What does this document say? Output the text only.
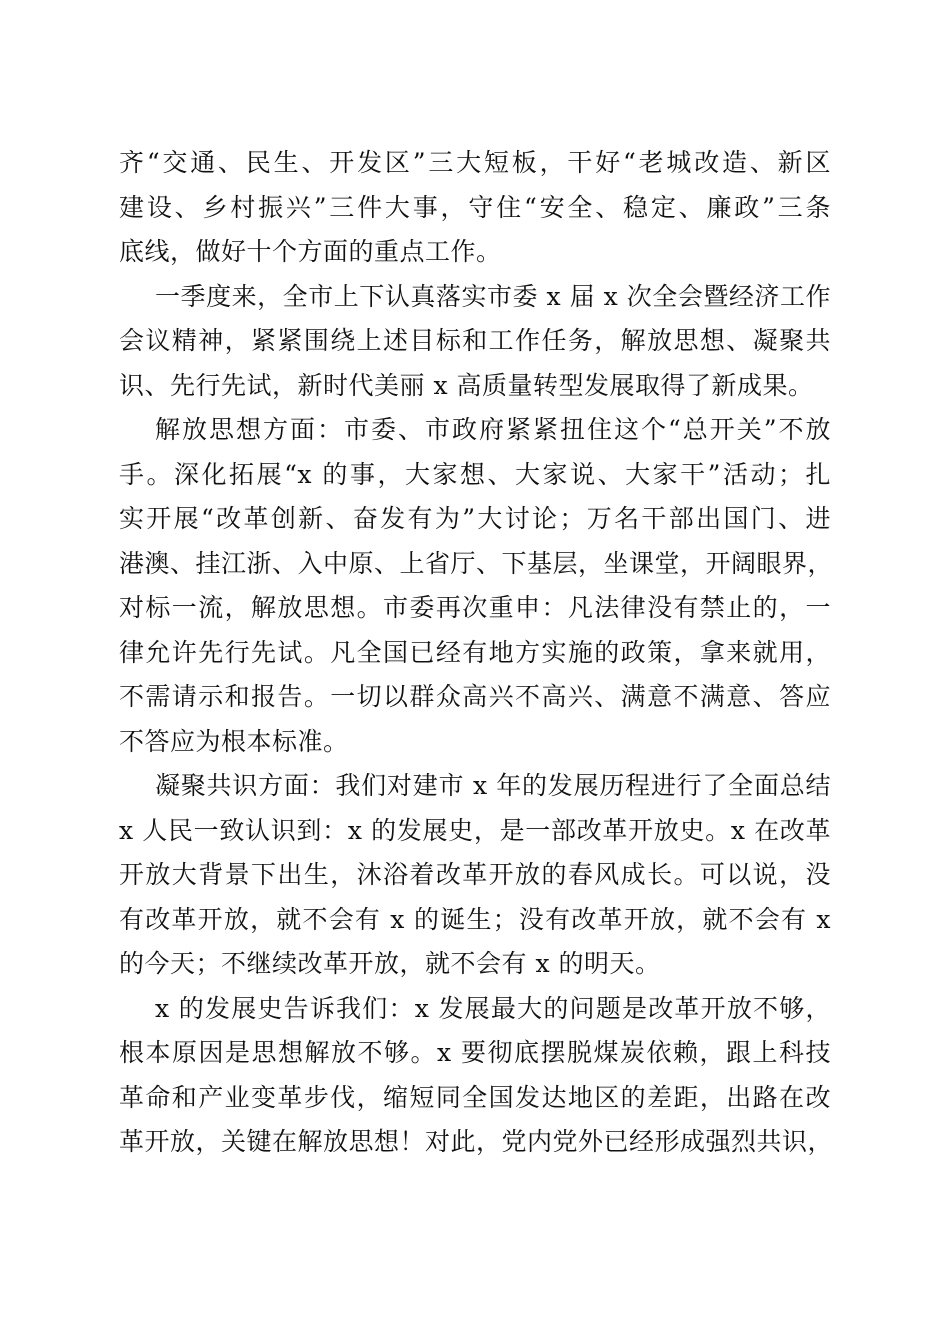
齐“交通、民生、开发区”三大短板，干好“老城改造、新区
建设、乡村振兴”三件大事，守住“安全、稳定、廉政”三条
底线，做好十个方面的重点工作。
一季度来，全市上下认真落实市委 x 届 x 次全会暨经济工作
会议精神，紧紧围绕上述目标和工作任务，解放思想、凝聚共
识、先行先试，新时代美丽 x 高质量转型发展取得了新成果。
解放思想方面：市委、市政府紧紧扭住这个“总开关”不放
手。深化拓展“x 的事，大家想、大家说、大家干”活动；扎
实开展“改革创新、奋发有为”大讨论；万名干部出国门、进
港澳、挂江浙、入中原、上省厅、下基层，坐课堂，开阔眼界，
对标一流，解放思想。市委再次重申：凡法律没有禁止的，一
律允许先行先试。凡全国已经有地方实施的政策，拿来就用，
不需请示和报告。一切以群众高兴不高兴、满意不满意、答应
不答应为根本标准。
凝聚共识方面：我们对建市 x 年的发展历程进行了全面总结
x 人民一致认识到：x 的发展史，是一部改革开放史。x 在改革
开放大背景下出生，沐浴着改革开放的春风成长。可以说，没
有改革开放，就不会有 x 的诞生；没有改革开放，就不会有 x
的今天；不继续改革开放，就不会有 x 的明天。
x 的发展史告诉我们：x 发展最大的问题是改革开放不够，
根本原因是思想解放不够。x 要彻底摆脱煤炭依赖，跟上科技
革命和产业变革步伐，缩短同全国发达地区的差距，出路在改
革开放，关键在解放思想！对此，党内党外已经形成强烈共识，
